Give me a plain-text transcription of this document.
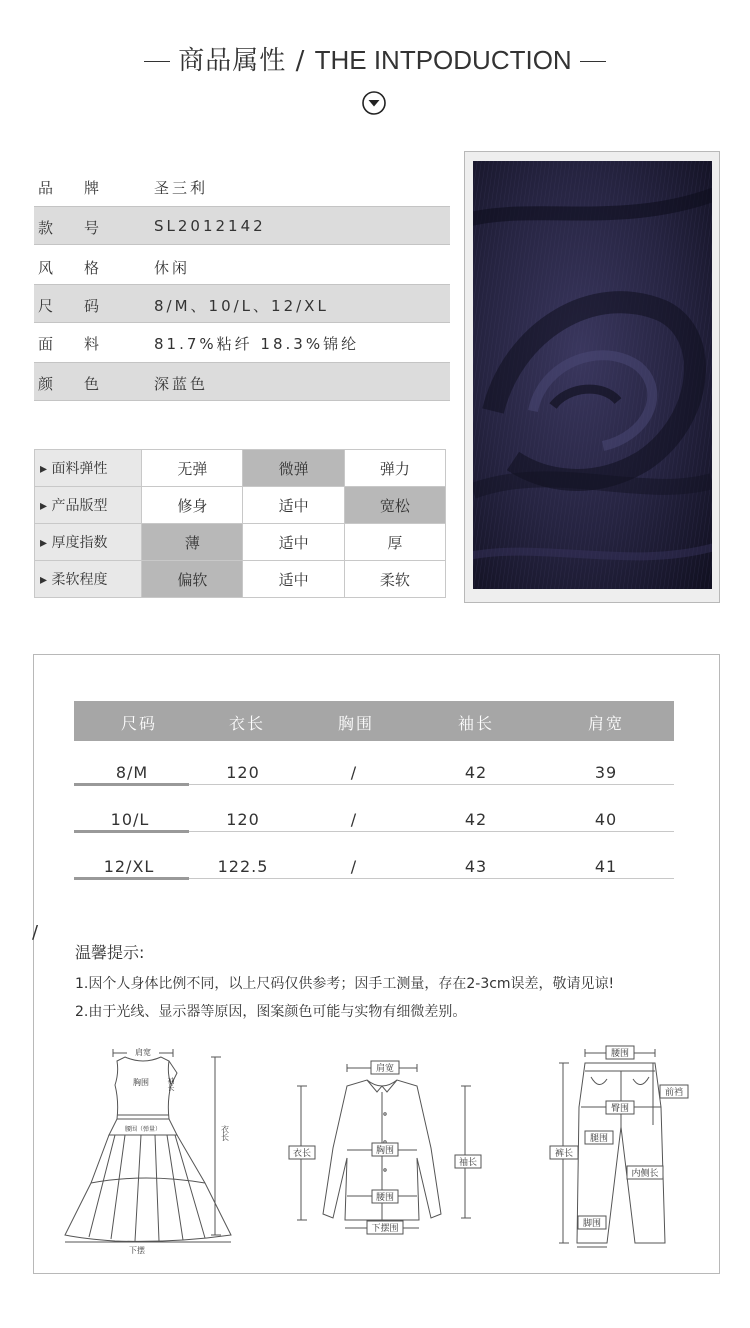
商品属性 / THE INTPODUCTION
品 牌	圣三利
款 号	SL2012142
风 格	休闲
尺 码	8/M、10/L、12/XL
面 料	81.7%粘纤 18.3%锦纶
颜 色	深蓝色
▸ 面料弹性	无弹	微弹	弹力
▸ 产品版型	修身	适中	宽松
▸ 厚度指数	薄	适中	厚
▸ 柔软程度	偏软	适中	柔软
尺码	衣长	胸围	袖长	肩宽
8/M	120	/	42	39
10/L	120	/	42	40
12/XL	122.5	/	43	41
/
温馨提示:
1.因个人身体比例不同，以上尺码仅供参考；因手工测量，存在2-3cm误差，敬请见谅!
2.由于光线、显示器等原因，图案颜色可能与实物有细微差别。
肩宽
袖长
胸围
腰围（弹量）	衣长
下摆
肩宽
衣长	胸围
袖长
腰围
下摆围
腰围
前裆
臀围
腿围
裤长
内侧长
脚围
